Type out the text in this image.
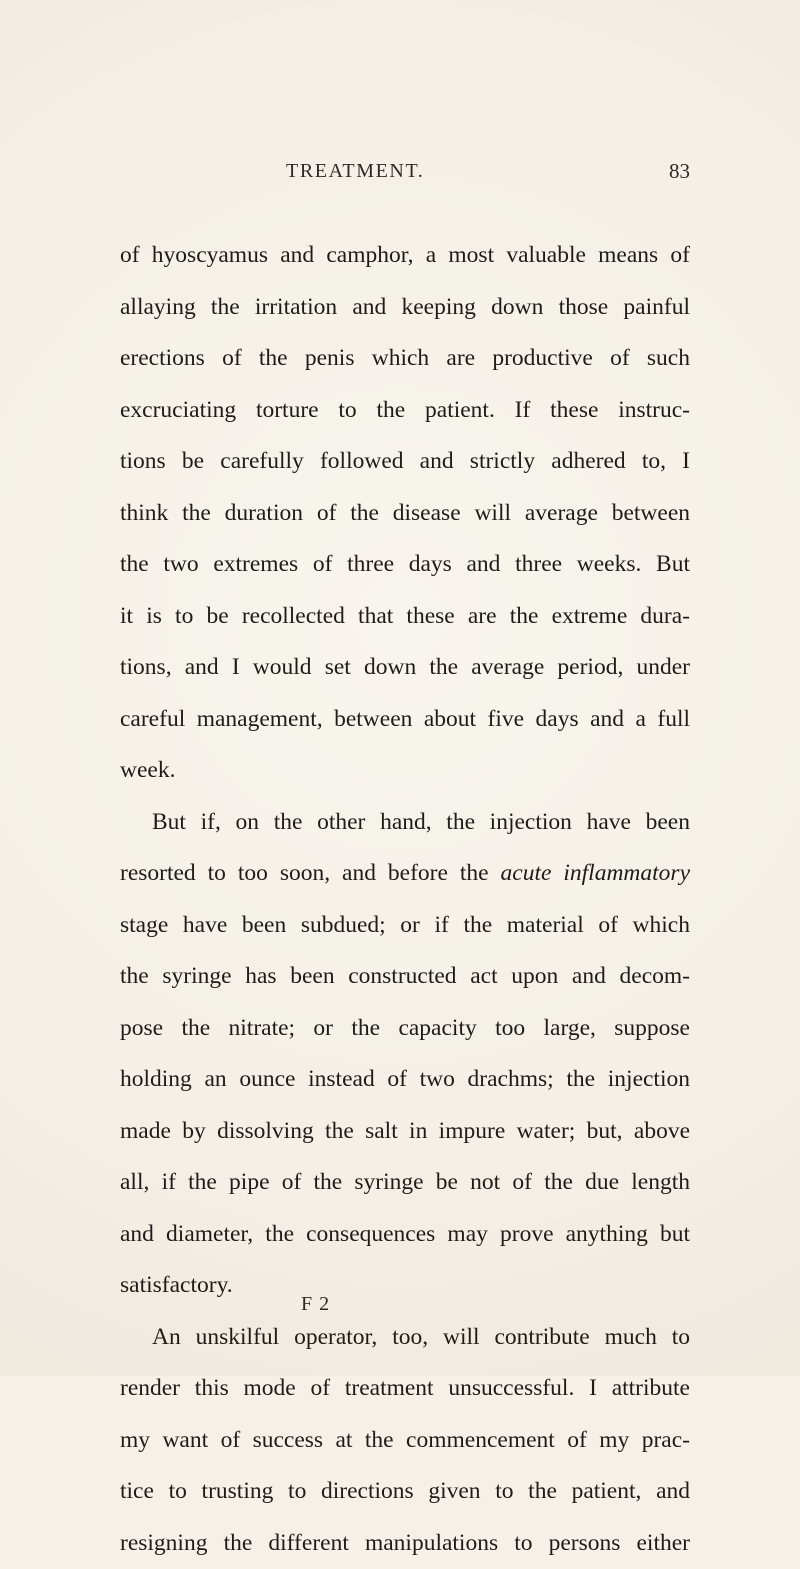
TREATMENT.	83
of hyoscyamus and camphor, a most valuable means of
allaying the irritation and keeping down those painful
erections of the penis which are productive of such
excruciating torture to the patient. If these instruc-
tions be carefully followed and strictly adhered to, I
think the duration of the disease will average between
the two extremes of three days and three weeks. But
it is to be recollected that these are the extreme dura-
tions, and I would set down the average period, under
careful management, between about five days and a full
week.
But if, on the other hand, the injection have been
resorted to too soon, and before the acute inflammatory
stage have been subdued; or if the material of which
the syringe has been constructed act upon and decom-
pose the nitrate; or the capacity too large, suppose
holding an ounce instead of two drachms; the injection
made by dissolving the salt in impure water; but, above
all, if the pipe of the syringe be not of the due length
and diameter, the consequences may prove anything but
satisfactory.
An unskilful operator, too, will contribute much to
render this mode of treatment unsuccessful. I attribute
my want of success at the commencement of my prac-
tice to trusting to directions given to the patient, and
resigning the different manipulations to persons either
F 2
